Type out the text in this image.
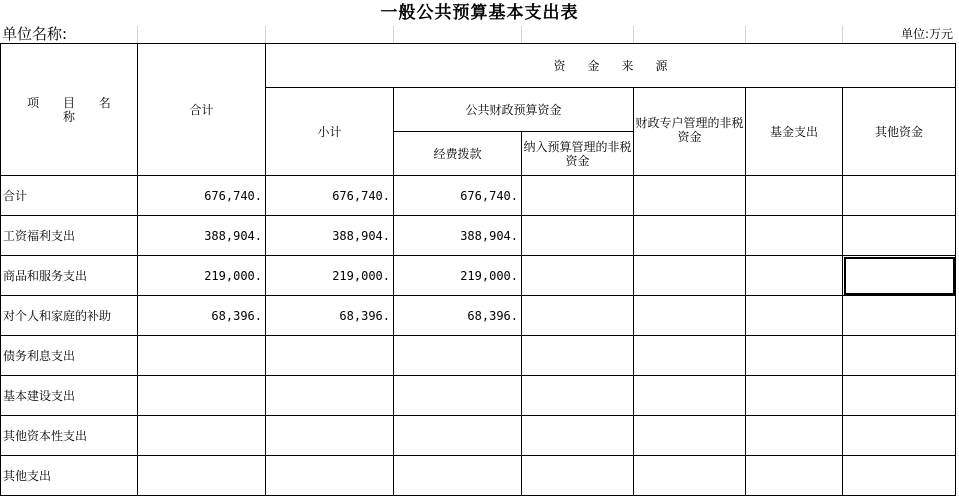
一般公共预算基本支出表
单位名称:	单位:万元
项 目 名 称	合计	资金来源					
		小计	公共财政预算资金		财政专户管理的非税资金	基金支出	其他资金
			经费拨款	纳入预算管理的非税资金			
合计	676,740.	676,740.	676,740.				
工资福利支出	388,904.	388,904.	388,904.				
商品和服务支出	219,000.	219,000.	219,000.				
对个人和家庭的补助	68,396.	68,396.	68,396.				
债务利息支出							
基本建设支出							
其他资本性支出							
其他支出							
